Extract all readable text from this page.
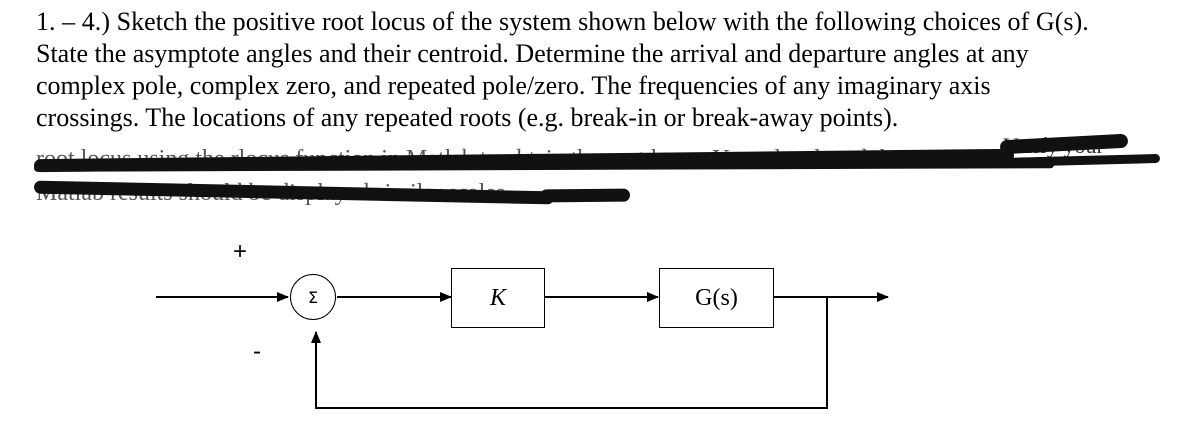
1. – 4.) Sketch the positive root locus of the system shown below with the following choices of G(s).
State the asymptote angles and their centroid. Determine the arrival and departure angles at any
complex pole, complex zero, and repeated pole/zero. The frequencies of any imaginary axis
crossings. The locations of any repeated roots (e.g. break-in or break-away points).
+
-
Σ	K	G(s)
